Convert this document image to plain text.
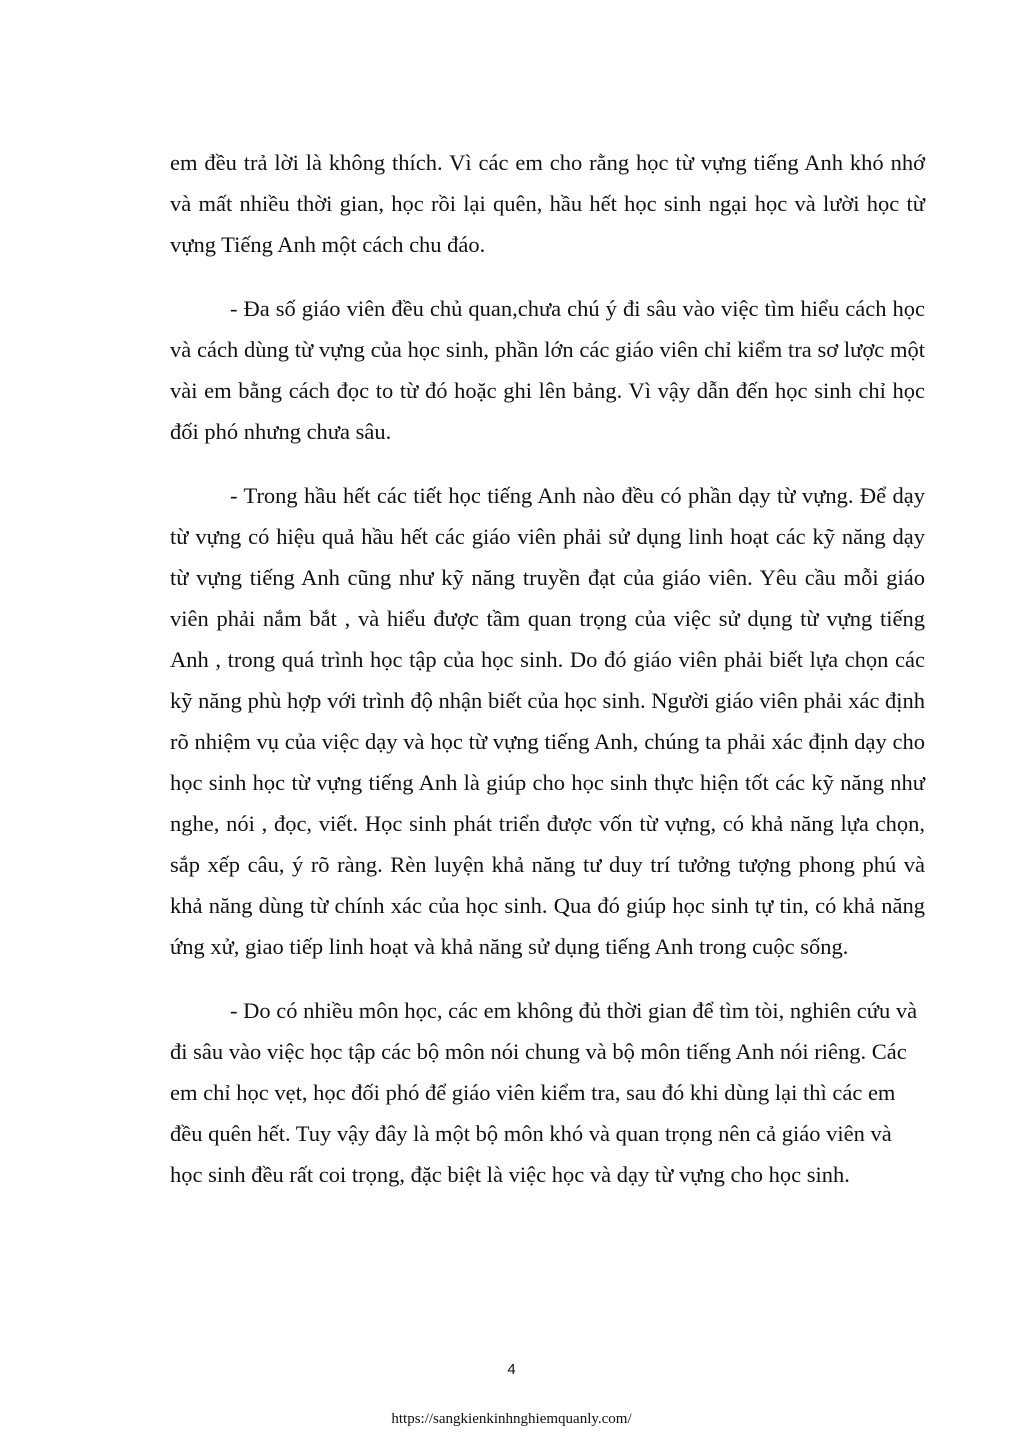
em đều trả lời là không thích. Vì các em cho rằng học từ vựng tiếng Anh khó nhớ và mất nhiều thời gian, học rồi lại quên, hầu hết học sinh ngại học và lười học từ vựng Tiếng Anh một cách chu đáo.

- Đa số giáo viên đều chủ quan,chưa chú ý đi sâu vào việc tìm hiểu cách học và cách dùng từ vựng của học sinh, phần lớn các giáo viên chỉ kiểm tra sơ lược một vài em bằng cách đọc to từ đó hoặc ghi lên bảng. Vì vậy dẫn đến học sinh chỉ học đối phó nhưng chưa sâu.

- Trong hầu hết các tiết học tiếng Anh nào đều có phần dạy từ vựng. Để dạy từ vựng có hiệu quả hầu hết các giáo viên phải sử dụng linh hoạt các kỹ năng dạy từ vựng tiếng Anh cũng như kỹ năng truyền đạt của giáo viên. Yêu cầu mỗi giáo viên phải nắm bắt , và hiểu được tầm quan trọng của việc sử dụng từ vựng tiếng Anh , trong quá trình học tập của học sinh. Do đó giáo viên phải biết lựa chọn các kỹ năng phù hợp với trình độ nhận biết của học sinh. Người giáo viên phải xác định rõ nhiệm vụ của việc dạy và học từ vựng tiếng Anh, chúng ta phải xác định dạy cho học sinh học từ vựng tiếng Anh là giúp cho học sinh thực hiện tốt các kỹ năng như nghe, nói , đọc, viết. Học sinh phát triển được vốn từ vựng, có khả năng lựa chọn, sắp xếp câu, ý rõ ràng. Rèn luyện khả năng tư duy trí tưởng tượng phong phú và khả năng dùng từ chính xác của học sinh. Qua đó giúp học sinh tự tin, có khả năng ứng xử, giao tiếp linh hoạt và khả năng sử dụng tiếng Anh trong cuộc sống.

- Do có nhiều môn học, các em không đủ thời gian để tìm tòi, nghiên cứu và đi sâu vào việc học tập các bộ môn nói chung và bộ môn tiếng Anh nói riêng. Các em chỉ học vẹt, học đối phó để giáo viên kiểm tra, sau đó khi dùng lại thì các em đều quên hết. Tuy vậy đây là một bộ môn khó và quan trọng nên cả giáo viên và học sinh đều rất coi trọng, đặc biệt là việc học và dạy từ vựng cho học sinh.

4
https://sangkienkinhnghiemquanly.com/
